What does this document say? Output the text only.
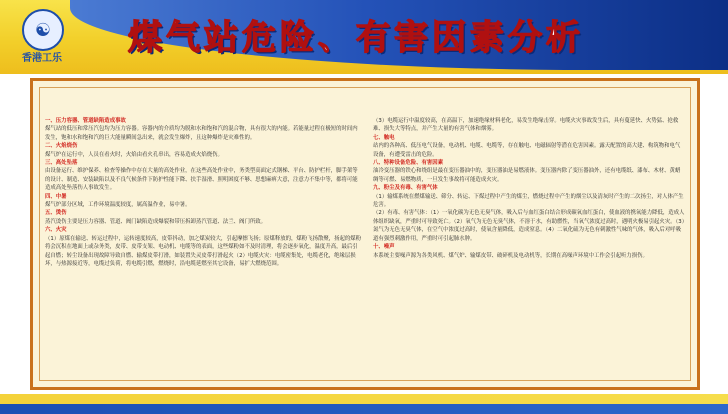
☯
香港工乐
煤气站危险、有害因素分析
一、压力容器、管道缺陷造成事故
煤气站的低压和常压汽包均为压力容器。容器内的介质均为脱和水和饱和汽的混合物，具有很大的内能。若能量过程在极短的时间内发生，饱和水和饱和汽的巨大能量瞬间急出来，就会发生爆炸，且这种爆炸是灾难性的。
二、火焰烧伤
煤气炉在运行中，人员在看火时，火焰由看火孔串出，容易造成火焰烧伤。
三、高处坠落
由设备运行、维护保养、检查等操作中存在大量的高处作业，在这些高处作业中，务类型高面定式钢梯、平台、防护栏杆，脚手架等的设计、制造、安装缺陷以及不良气候条件下防护性能下降、扶手湿滑、照明困度不够、思想麻痹大意，注意力不集中等，都将可能造成高处坠落伤人事故发生。
四、中暑
煤气炉部分区域，工作环境温度较度，属高温作业，易中暑。
五、烫伤
蒸汽烫伤主要是压力容器、管道、阀门缺陷造成爆裂和带压拆卸蒸汽管道、法兰、阀门所致。
六、火灾
（1）原煤在输送、转运过程中，运转速度较高，皮带抖动，加之煤炭较大，引起摩擦飞扬；原煤释放的，煤粉飞扬散聚，扬起的煤粉将会沉积在地面上或杂务类，皮带、皮带支架、电动机、电缆等的表面，这些煤粉如不及时清理，将会逐步氧化，温度升高，最后引起自燃；转尘设备出现故障导致自燃、输煤皮带打滑，如装置失灵皮带打滑起火（2）电缆火灾：电缆密集处，电缆老化，绝缘层损坏，与热源接近等，电缆过负荷，将电缆引燃，燃烧时，沿电缆延燃至其它设备，易扩大燃烧范围。
（3）电缆运行中温度较高，在高温下，加速绝缘材料老化，易发生绝缘击穿。电缆火灾事故发生后，具有蔓延快、火势猛、抢救难、损失大等特点，并产生大量的有害气体和烟雾。
七、触电
站内的各种高、低压电气设备，电动机、电缆、电缆等，存在触电、电磁辐射等潜在危害因素。露天配置的高大建、构筑物和电气设备，有遭受雷击的危险。
八、特种设备危险、有害因素
油冷变压器的铁心和绕组是最在变压器油中的，变压器油是易燃液体。变压器内除了变压器油外，还有电缆纸、漆布、木材、黄蜡绸等可燃、易燃物质，一旦发生事故将可能造成火灾。
九、粉尘及有毒、有害气体
（1）输煤系统在燃煤输送、筛分、转运、下煤过程中产生的煤尘，燃烧过程中产生的烟尘以及清灰时产生的二次扬尘，对人体产生危害。
（2）有毒、有害气体：（1）一氧化碳为无色无臭气体，吸入后与血红蛋白结合形成碳氧血红蛋白，使血液的携氧能力降低，造成人体组织缺氧，严重时可导致死亡。（2）氧气为无色无臭气体，不溶于水，有助燃性，当氧气浓度过高时，遇明火极易引起火灾。（3）氮气为无色无臭气体，在空气中浓度过高时，使氧含量降低，造成窒息。（4）二氧化硫为无色有刺激性气味的气体，吸入后对呼吸道有强烈刺激作用，严重时可引起肺水肿。
十、噪声
本系统主要噪声源为各类风机、煤气炉、输煤皮带、破碎机及电动机等，长期在高噪声环境中工作会引起听力损伤。
